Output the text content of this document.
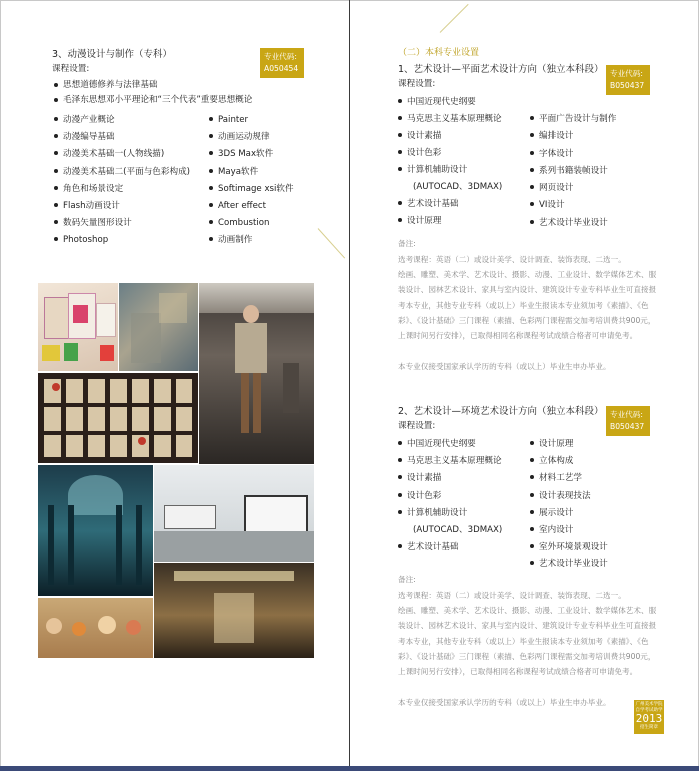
3、动漫设计与制作（专科）
课程设置:
专业代码:
A050454
思想道德修养与法律基础
毛泽东思想邓小平理论和“三个代表”重要思想概论
动漫产业概论
动漫编导基础
动漫美术基础一(人物线描)
动漫美术基础二(平面与色彩构成)
角色和场景设定
Flash动画设计
数码矢量图形设计
Photoshop
Painter
动画运动规律
3DS Max软件
Maya软件
Softimage xsi软件
After effect
Combustion
动画制作
（二）本科专业设置
1、艺术设计—平面艺术设计方向（独立本科段）
课程设置:
专业代码:
B050437
中国近现代史纲要
马克思主义基本原理概论
设计素描
设计色彩
计算机辅助设计
(AUTOCAD、3DMAX)
艺术设计基础
设计原理
平面广告设计与制作
编排设计
字体设计
系列书籍装帧设计
网页设计
VI设计
艺术设计毕业设计
备注:
选考课程：英语（二）或设计美学、设计调查、装饰表现、二选一。
绘画、雕塑、美术学、艺术设计、摄影、动漫、工业设计、数学媒体艺术、服装设计、园林艺术设计、家具与室内设计、建筑设计专业专科毕业生可直接报考本专业，其他专业专科（或以上）毕业生报读本专业须加考《素描》、《色彩》、《设计基础》三门课程（素描、色彩两门课程需交加考培训费共900元，上课时间另行安排），已取得相同名称课程考试成绩合格者可申请免考。
本专业仅接受国家承认学历的专科（或以上）毕业生申办毕业。
2、艺术设计—环境艺术设计方向（独立本科段）
课程设置:
专业代码:
B050437
中国近现代史纲要
马克思主义基本原理概论
设计素描
设计色彩
计算机辅助设计
(AUTOCAD、3DMAX)
艺术设计基础
设计原理
立体构成
材料工艺学
设计表现技法
展示设计
室内设计
室外环境景观设计
艺术设计毕业设计
备注:
选考课程：英语（二）或设计美学、设计调查、装饰表现、二选一。
绘画、雕塑、美术学、艺术设计、摄影、动漫、工业设计、数学媒体艺术、服装设计、园林艺术设计、家具与室内设计、建筑设计专业专科毕业生可直接报考本专业，其他专业专科（或以上）毕业生报读本专业须加考《素描》、《色彩》、《设计基础》三门课程（素描、色彩两门课程需交加考培训费共900元，上课时间另行安排），已取得相同名称课程考试成绩合格者可申请免考。
本专业仅接受国家承认学历的专科（或以上）毕业生申办毕业。	广州美术学院
自学考试助学
2013
招生简章
